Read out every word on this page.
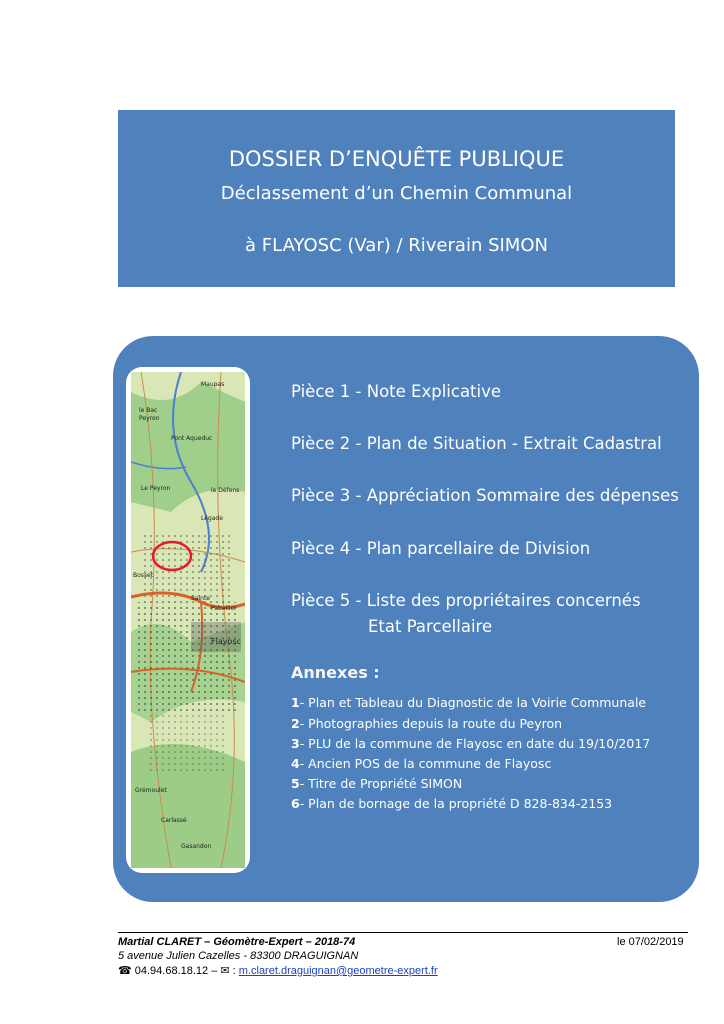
DOSSIER D’ENQUÊTE PUBLIQUE
Déclassement d’un Chemin Communal
à FLAYOSC (Var) / Riverain SIMON
Maupas le Bac Peyron Pont Aqueduc Le Peyron	le Défens Légade Bosset Flayosc Sainte Pabellier Grémoulet Carlassé Gasandon
Pièce 1 - Note Explicative
Pièce 2 - Plan de Situation - Extrait Cadastral
Pièce 3 - Appréciation Sommaire des dépenses
Pièce 4 - Plan parcellaire de Division
Pièce 5 - Liste des propriétaires concernés
Etat Parcellaire
Annexes :
1- Plan et Tableau du Diagnostic de la Voirie Communale
2- Photographies depuis la route du Peyron
3- PLU de la commune de Flayosc en date du 19/10/2017
4- Ancien POS de la commune de Flayosc
5- Titre de Propriété SIMON
6- Plan de bornage de la propriété D 828-834-2153
Martial CLARET – Géomètre-Expert – 2018-74	le 07/02/2019
5 avenue Julien Cazelles - 83300 DRAGUIGNAN
☎ 04.94.68.18.12 – ✉ : m.claret.draguignan@geometre-expert.fr
